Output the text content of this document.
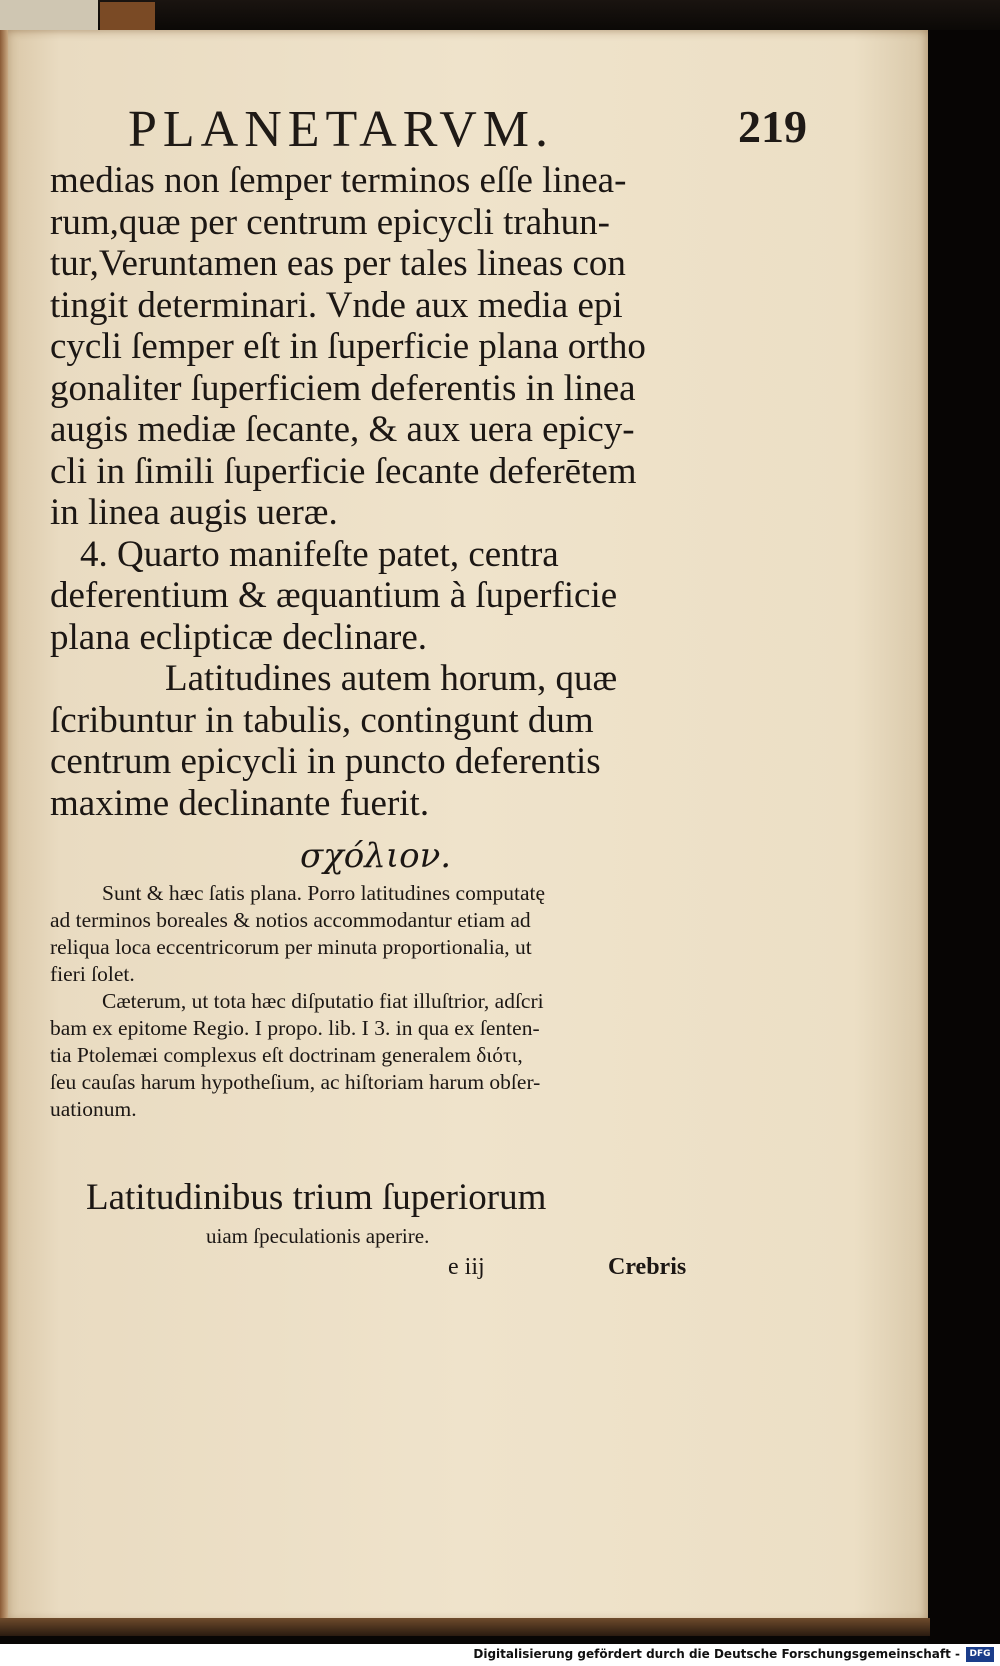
PLANETARVM.	219
medias non ſemper terminos eſſe linea-
rum,quæ per centrum epicycli trahun-
tur,Veruntamen eas per tales lineas con
tingit determinari. Vnde aux media epi
cycli ſemper eſt in ſuperficie plana ortho
gonaliter ſuperficiem deferentis in linea
augis mediæ ſecante, & aux uera epicy-
cli in ſimili ſuperficie ſecante deferētem
in linea augis ueræ.
4. Quarto manifeſte patet, centra
deferentium & æquantium à ſuperficie
plana eclipticæ declinare.
Latitudines autem horum, quæ
ſcribuntur in tabulis, contingunt dum
centrum epicycli in puncto deferentis
maxime declinante fuerit.
σχόλιον.
Sunt & hæc ſatis plana. Porro latitudines computatę
ad terminos boreales & notios accommodantur etiam ad
reliqua loca eccentricorum per minuta proportionalia, ut
fieri ſolet.
Cæterum, ut tota hæc diſputatio fiat illuſtrior, adſcri
bam ex epitome Regio. I propo. lib. I 3. in qua ex ſenten-
tia Ptolemæi complexus eſt doctrinam generalem διότι,
ſeu cauſas harum hypotheſium, ac hiſtoriam harum obſer-
uationum.
Latitudinibus trium ſuperiorum
uiam ſpeculationis aperire.
e iij	Crebris
Digitalisierung gefördert durch die Deutsche Forschungsgemeinschaft -	DFG
